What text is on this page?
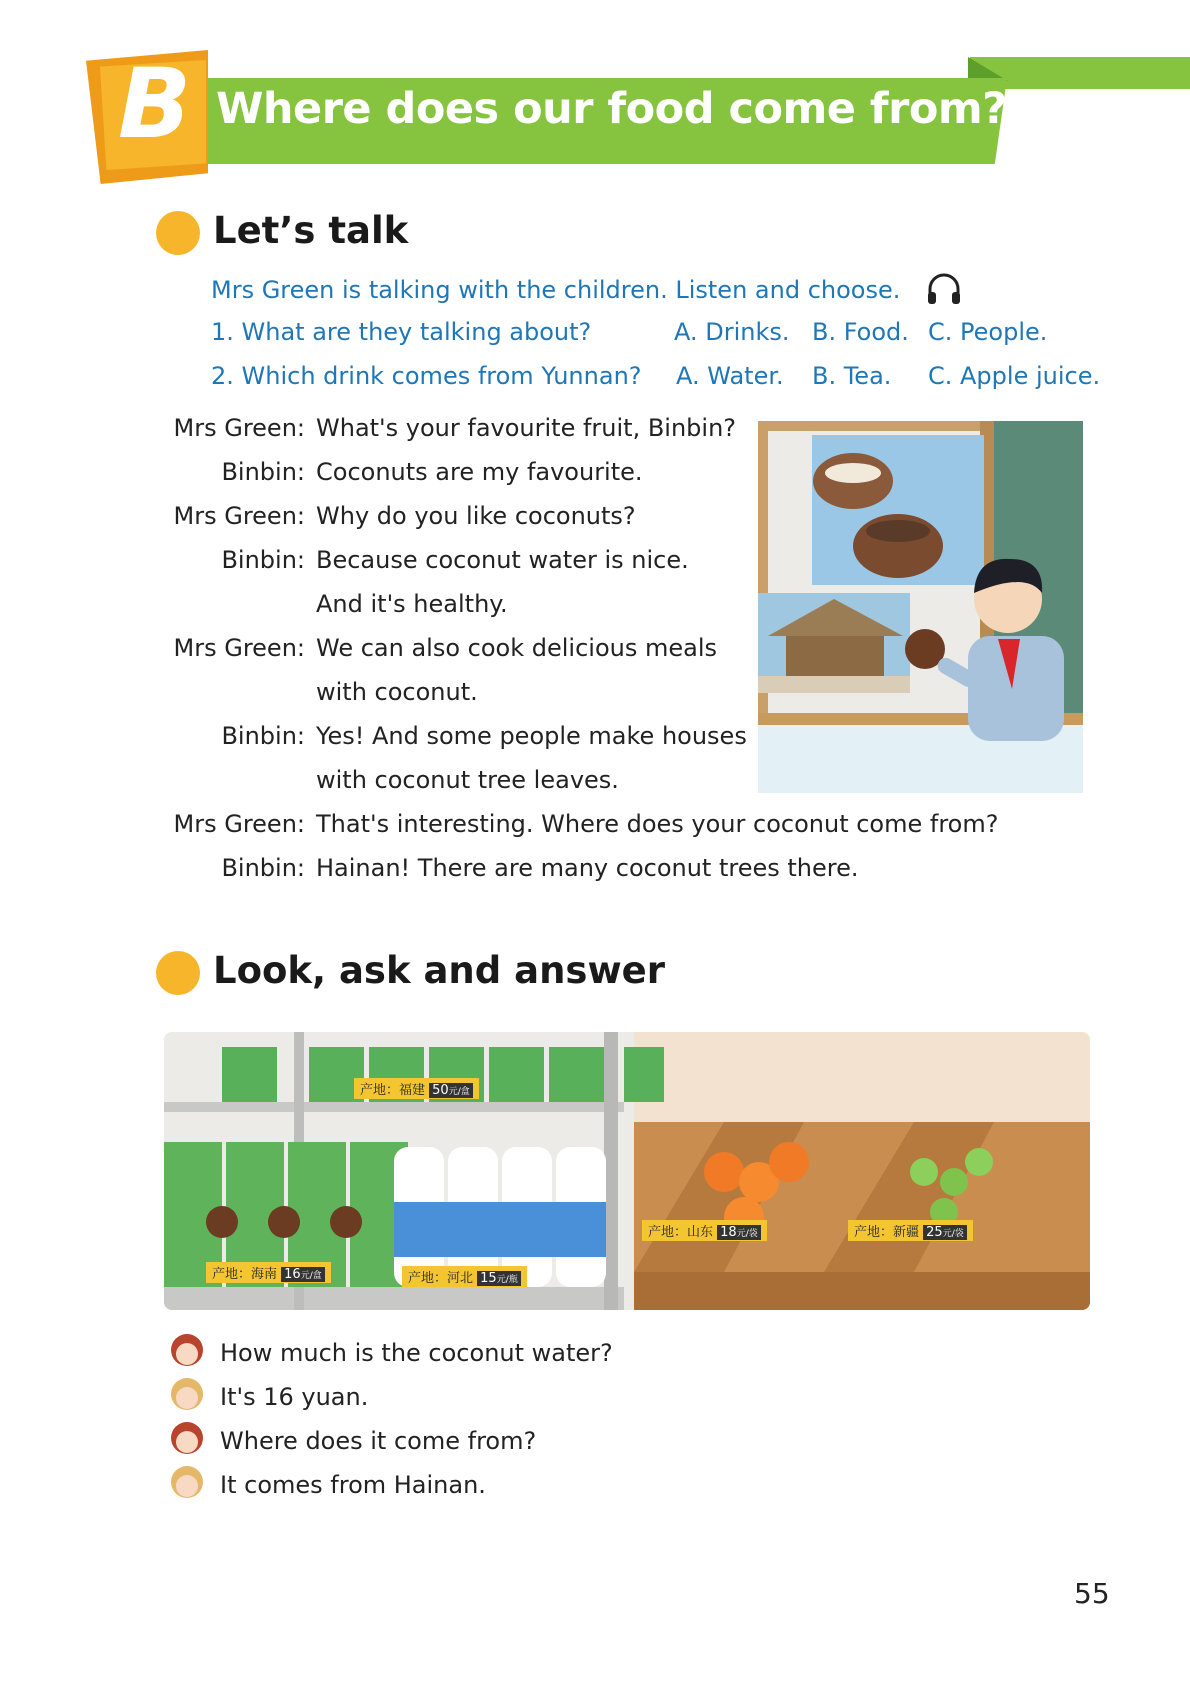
Where does our food come from?
B
Let’s talk
Mrs Green is talking with the children. Listen and choose.
1. What are they talking about?	A. Drinks. B. Food. C. People.
2. Which drink comes from Yunnan? A. Water. B. Tea. C. Apple juice.
Mrs Green: What's your favourite fruit, Binbin?
Binbin: Coconuts are my favourite.
Mrs Green: Why do you like coconuts?
Binbin: Because coconut water is nice.
And it's healthy.
Mrs Green: We can also cook delicious meals
with coconut.
Binbin: Yes! And some people make houses
with coconut tree leaves.
Mrs Green: That's interesting. Where does your coconut come from?
Binbin: Hainan! There are many coconut trees there.
Look, ask and answer
产地：福建 50元/盒
产地：海南 16元/盒	产地：河北 15元/瓶
产地：山东 18元/袋	产地：新疆 25元/袋
How much is the coconut water?
It's 16 yuan.
Where does it come from?
It comes from Hainan.
55
